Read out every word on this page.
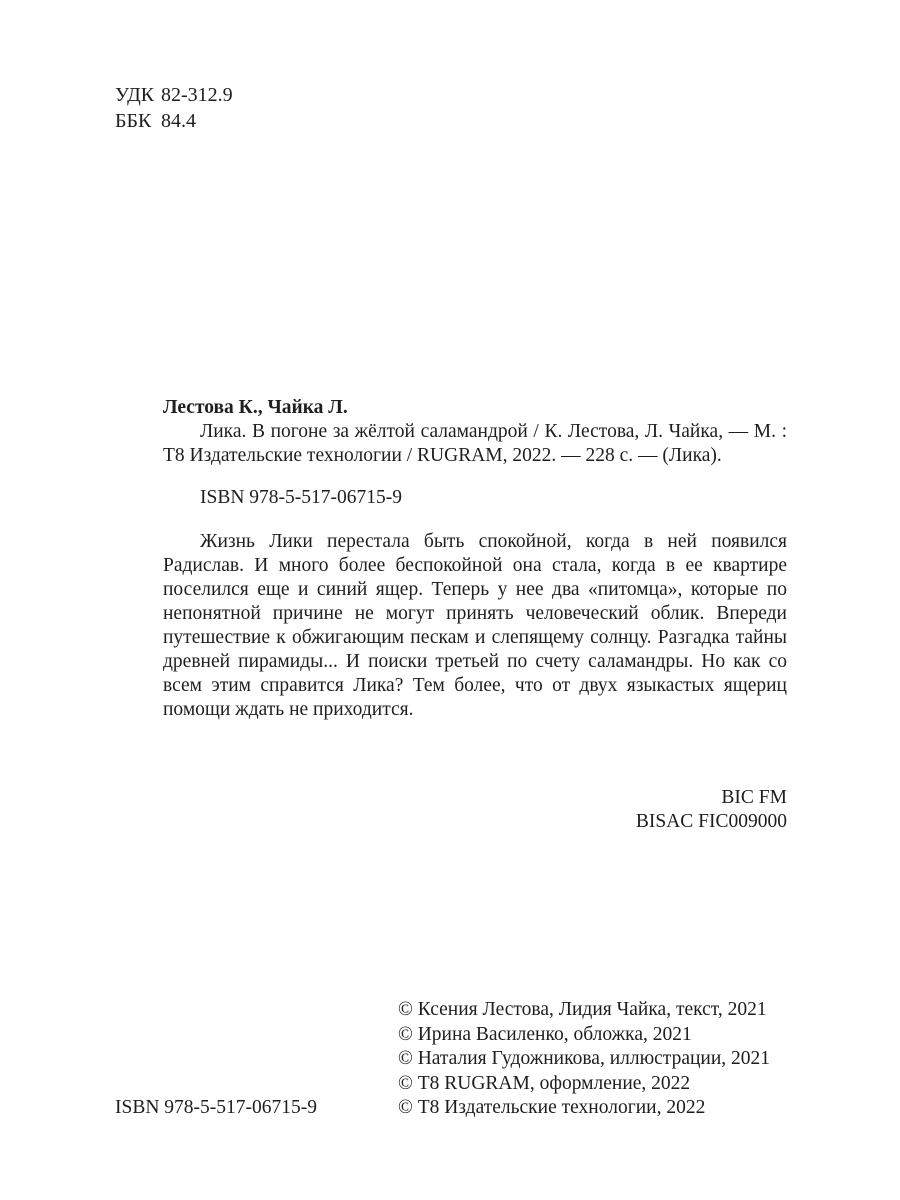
УДК 82-312.9
ББК 84.4
Лестова К., Чайка Л.
Лика. В погоне за жёлтой саламандрой / К. Лестова, Л. Чайка, — М. : Т8 Издательские технологии / RUGRAM, 2022. — 228 с. — (Лика).
ISBN 978-5-517-06715-9
Жизнь Лики перестала быть спокойной, когда в ней появился Радислав. И много более беспокойной она стала, когда в ее квартире поселился еще и синий ящер. Теперь у нее два «питомца», которые по непонятной причине не могут принять человеческий облик. Впереди путешествие к обжигающим пескам и слепящему солнцу. Разгадка тайны древней пирамиды... И поиски третьей по счету саламандры. Но как со всем этим справится Лика? Тем более, что от двух языкастых ящериц помощи ждать не приходится.
BIC FM
BISAC FIC009000
ISBN 978-5-517-06715-9
© Ксения Лестова, Лидия Чайка, текст, 2021
© Ирина Василенко, обложка, 2021
© Наталия Гудожникова, иллюстрации, 2021
© Т8 RUGRAM, оформление, 2022
© Т8 Издательские технологии, 2022
